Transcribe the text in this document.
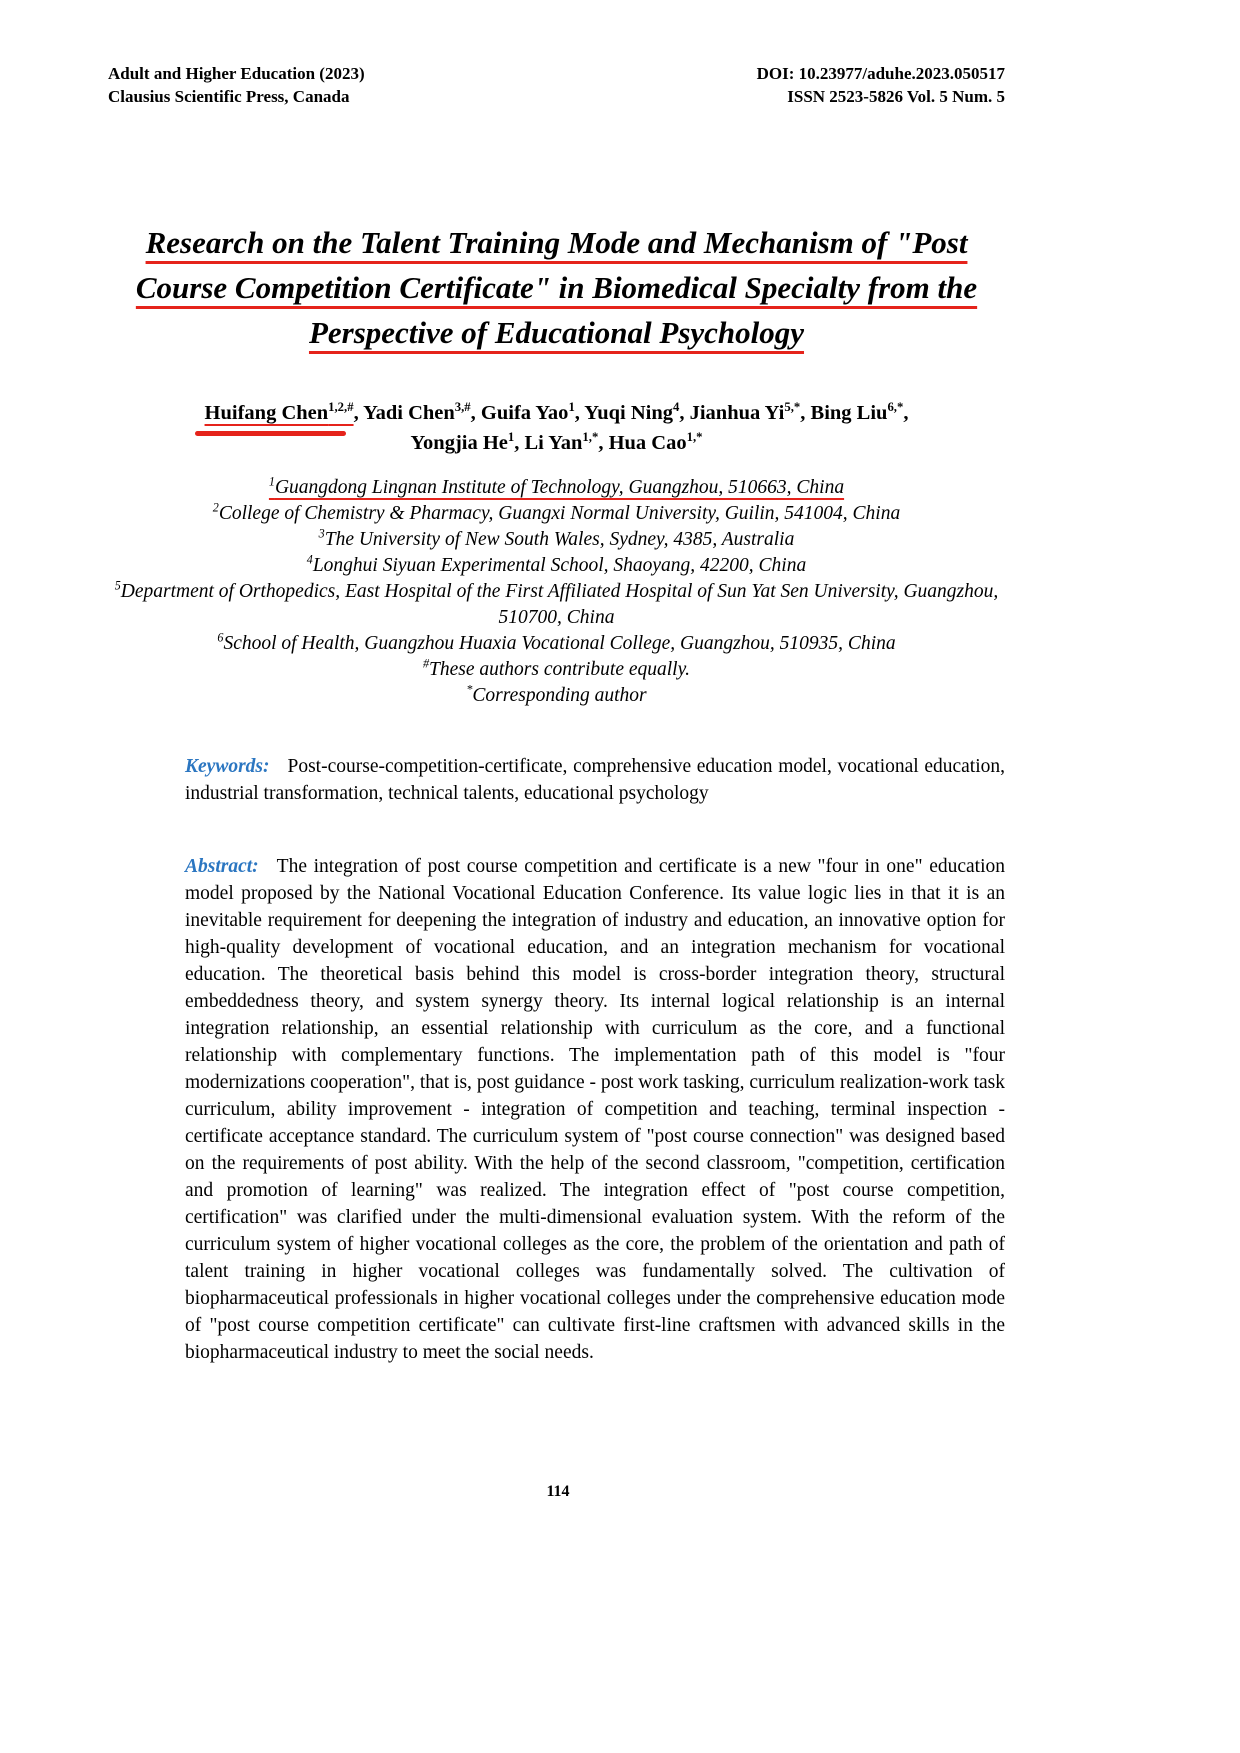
Adult and Higher Education (2023)
Clausius Scientific Press, Canada
DOI: 10.23977/aduhe.2023.050517
ISSN 2523-5826 Vol. 5 Num. 5
Research on the Talent Training Mode and Mechanism of "Post Course Competition Certificate" in Biomedical Specialty from the Perspective of Educational Psychology
Huifang Chen$^{1,2,\#}$, Yadi Chen$^{3,\#}$, Guifa Yao$^1$, Yuqi Ning$^4$, Jianhua $Yi^{5,*}$, Bing Liu$^{6,*}$,
Yongjia He$^1$, Li Yan$^{1,*}$, Hua Cao$^{1,*}$
$^1$Guangdong Lingnan Institute of Technology, Guangzhou, 510663, China
$^2$College of Chemistry & Pharmacy, Guangxi Normal University, Guilin, 541004, China
$^3$The University of New South Wales, Sydney, 4385, Australia
$^4$Longhui Siyuan Experimental School, Shaoyang, 42200, China
$^5$Department of Orthopedics, East Hospital of the First Affiliated Hospital of Sun Yat Sen University, Guangzhou, 510700, China
$^6$School of Health, Guangzhou Huaxia Vocational College, Guangzhou, 510935, China
#These authors contribute equally.
*Corresponding author

Keywords: Post-course-competition-certificate, comprehensive education model, vocational education, industrial transformation, technical talents, educational psychology

Abstract: The integration of post course competition and certificate is a new "four in one" education model proposed by the National Vocational Education Conference. Its value logic lies in that it is an inevitable requirement for deepening the integration of industry and education, an innovative option for high-quality development of vocational education, and an integration mechanism for vocational education. The theoretical basis behind this model is cross-border integration theory, structural embeddedness theory, and system synergy theory. Its internal logical relationship is an internal integration relationship, an essential relationship with curriculum as the core, and a functional relationship with complementary functions. The implementation path of this model is "four modernizations cooperation", that is, post guidance - post work tasking, curriculum realization-work task curriculum, ability improvement - integration of competition and teaching, terminal inspection - certificate acceptance standard. The curriculum system of "post course connection" was designed based on the requirements of post ability. With the help of the second classroom, "competition, certification and promotion of learning" was realized. The integration effect of "post course competition, certification" was clarified under the multi-dimensional evaluation system. With the reform of the curriculum system of higher vocational colleges as the core, the problem of the orientation and path of talent training in higher vocational colleges was fundamentally solved. The cultivation of biopharmaceutical professionals in higher vocational colleges under the comprehensive education mode of "post course competition certificate" can cultivate first-line craftsmen with advanced skills in the biopharmaceutical industry to meet the social needs.

114
